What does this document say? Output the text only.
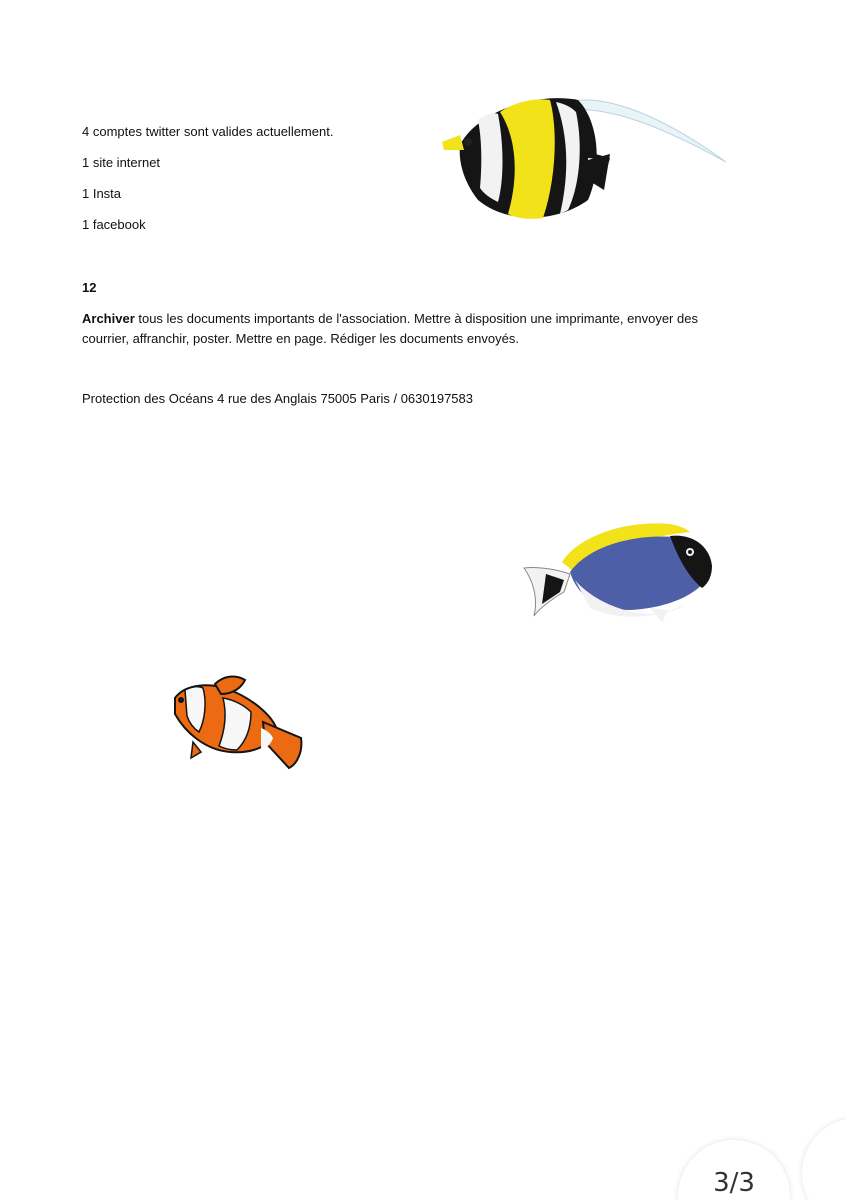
4 comptes twitter sont valides actuellement.

1 site internet

1 Insta

1 facebook

12

Archiver tous les documents importants de l'association. Mettre à disposition une imprimante, envoyer des
courrier, affranchir, poster. Mettre en page. Rédiger les documents envoyés.

Protection des Océans 4 rue des Anglais 75005 Paris / 0630197583

3/3
